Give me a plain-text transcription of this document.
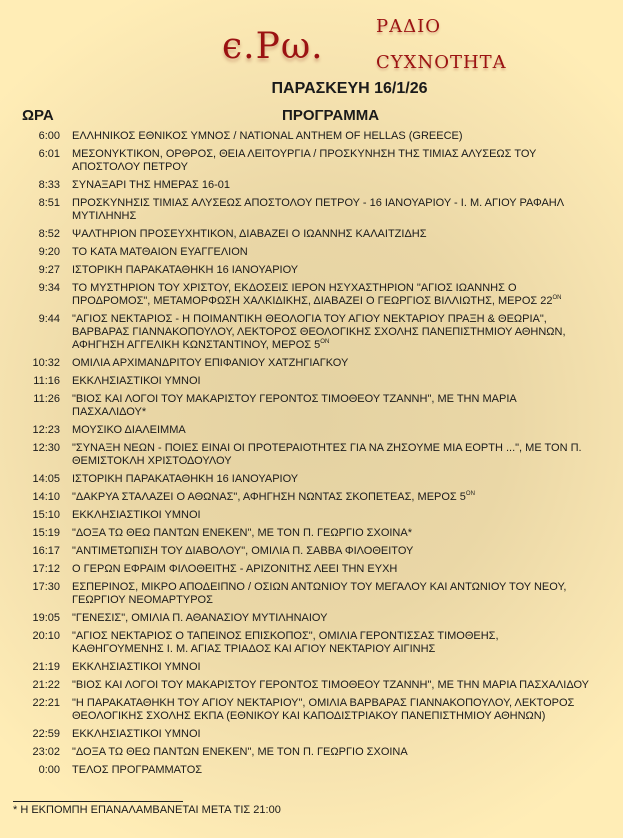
є.Ρω.	ΡΑΔΙΟ
ϹΥΧΝΟΤΗΤΑ
ΠΑΡΑΣΚΕΥΗ 16/1/26
ΩΡΑ	ΠΡΟΓΡΑΜΜΑ
6:00 ΕΛΛΗΝΙΚΟΣ ΕΘΝΙΚΟΣ ΥΜΝΟΣ / NATIONAL ANTHEM OF HELLAS (GREECE)
6:01 ΜΕΣΟΝΥΚΤΙΚΟΝ, ΟΡΘΡΟΣ, ΘΕΙΑ ΛΕΙΤΟΥΡΓΙΑ / ΠΡΟΣΚΥΝΗΣΗ ΤΗΣ ΤΙΜΙΑΣ ΑΛΥΣΕΩΣ ΤΟΥ ΑΠΟΣΤΟΛΟΥ ΠΕΤΡΟΥ
8:33 ΣΥΝΑΞΑΡΙ ΤΗΣ ΗΜΕΡΑΣ 16-01
8:51 ΠΡΟΣΚΥΝΗΣΙΣ ΤΙΜΙΑΣ ΑΛΥΣΕΩΣ ΑΠΟΣΤΟΛΟΥ ΠΕΤΡΟΥ - 16 ΙΑΝΟΥΑΡΙΟΥ - Ι. Μ. ΑΓΙΟΥ ΡΑΦΑΗΛ ΜΥΤΙΛΗΝΗΣ
8:52 ΨΑΛΤΗΡΙΟΝ ΠΡΟΣΕΥΧΗΤΙΚΟΝ, ΔΙΑΒΑΖΕΙ Ο ΙΩΑΝΝΗΣ ΚΑΛΑΙΤΖΙΔΗΣ
9:20 ΤΟ ΚΑΤΑ ΜΑΤΘΑΙΟΝ ΕΥΑΓΓΕΛΙΟΝ
9:27 ΙΣΤΟΡΙΚΗ ΠΑΡΑΚΑΤΑΘΗΚΗ 16 ΙΑΝΟΥΑΡΙΟΥ
9:34 ΤΟ ΜΥΣΤΗΡΙΟΝ ΤΟΥ ΧΡΙΣΤΟΥ, ΕΚΔΟΣΕΙΣ ΙΕΡΟΝ ΗΣΥΧΑΣΤΗΡΙΟΝ "ΑΓΙΟΣ ΙΩΑΝΝΗΣ Ο ΠΡΟΔΡΟΜΟΣ", ΜΕΤΑΜΟΡΦΩΣΗ ΧΑΛΚΙΔΙΚΗΣ, ΔΙΑΒΑΖΕΙ Ο ΓΕΩΡΓΙΟΣ ΒΙΛΛΙΩΤΗΣ, ΜΕΡΟΣ $22^{ON}$
9:44 "ΑΓΙΟΣ ΝΕΚΤΑΡΙΟΣ - Η ΠΟΙΜΑΝΤΙΚΗ ΘΕΟΛΟΓΙΑ ΤΟΥ ΑΓΙΟΥ ΝΕΚΤΑΡΙΟΥ ΠΡΑΞΗ & ΘΕΩΡΙΑ", ΒΑΡΒΑΡΑΣ ΓΙΑΝΝΑΚΟΠΟΥΛΟΥ, ΛΕΚΤΟΡΟΣ ΘΕΟΛΟΓΙΚΗΣ ΣΧΟΛΗΣ ΠΑΝΕΠΙΣΤΗΜΙΟΥ ΑΘΗΝΩΝ, ΑΦΗΓΗΣΗ ΑΓΓΕΛΙΚΗ ΚΩΝΣΤΑΝΤΙΝΟΥ, ΜΕΡΟΣ $5^{ON}$
10:32 ΟΜΙΛΙΑ ΑΡΧΙΜΑΝΔΡΙΤΟΥ ΕΠΙΦΑΝΙΟΥ ΧΑΤΖΗΓΙΑΓΚΟΥ
11:16 ΕΚΚΛΗΣΙΑΣΤΙΚΟΙ ΥΜΝΟΙ
11:26 "ΒΙΟΣ ΚΑΙ ΛΟΓΟΙ ΤΟΥ ΜΑΚΑΡΙΣΤΟΥ ΓΕΡΟΝΤΟΣ ΤΙΜΟΘΕΟΥ ΤΖΑΝΝΗ", ΜΕ ΤΗΝ ΜΑΡΙΑ ΠΑΣΧΑΛΙΔΟΥ*
12:23 ΜΟΥΣΙΚΟ ΔΙΑΛΕΙΜΜΑ
12:30 "ΣΥΝΑΞΗ ΝΕΩΝ - ΠΟΙΕΣ ΕΙΝΑΙ ΟΙ ΠΡΟΤΕΡΑΙΟΤΗΤΕΣ ΓΙΑ ΝΑ ΖΗΣΟΥΜΕ ΜΙΑ ΕΟΡΤΗ ...", ΜΕ ΤΟΝ Π. ΘΕΜΙΣΤΟΚΛΗ ΧΡΙΣΤΟΔΟΥΛΟΥ
14:05 ΙΣΤΟΡΙΚΗ ΠΑΡΑΚΑΤΑΘΗΚΗ 16 ΙΑΝΟΥΑΡΙΟΥ
14:10 "ΔΑΚΡΥΑ ΣΤΑΛΑΖΕΙ Ο ΑΘΩΝΑΣ", ΑΦΗΓΗΣΗ ΝΩΝΤΑΣ ΣΚΟΠΕΤΕΑΣ, ΜΕΡΟΣ $5^{ON}$
15:10 ΕΚΚΛΗΣΙΑΣΤΙΚΟΙ ΥΜΝΟΙ
15:19 "ΔΟΞΑ ΤΩ ΘΕΩ ΠΑΝΤΩΝ ΕΝΕΚΕΝ", ΜΕ ΤΟΝ Π. ΓΕΩΡΓΙΟ ΣΧΟΙΝΑ*
16:17 "ΑΝΤΙΜΕΤΩΠΙΣΗ ΤΟΥ ΔΙΑΒΟΛΟΥ", ΟΜΙΛΙΑ Π. ΣΑΒΒΑ ΦΙΛΟΘΕΙΤΟΥ
17:12 Ο ΓΕΡΩΝ ΕΦΡΑΙΜ ΦΙΛΟΘΕΙΤΗΣ - ΑΡΙΖΟΝΙΤΗΣ ΛΕΕΙ ΤΗΝ ΕΥΧΗ
17:30 ΕΣΠΕΡΙΝΟΣ, ΜΙΚΡΟ ΑΠΟΔΕΙΠΝΟ / ΟΣΙΩΝ ΑΝΤΩΝΙΟΥ ΤΟΥ ΜΕΓΑΛΟΥ ΚΑΙ ΑΝΤΩΝΙΟΥ ΤΟΥ ΝΕΟΥ, ΓΕΩΡΓΙΟΥ ΝΕΟΜΑΡΤΥΡΟΣ
19:05 "ΓΕΝΕΣΙΣ", ΟΜΙΛΙΑ Π. ΑΘΑΝΑΣΙΟΥ ΜΥΤΙΛΗΝΑΙΟΥ
20:10 "ΑΓΙΟΣ ΝΕΚΤΑΡΙΟΣ Ο ΤΑΠΕΙΝΟΣ ΕΠΙΣΚΟΠΟΣ", ΟΜΙΛΙΑ ΓΕΡΟΝΤΙΣΣΑΣ ΤΙΜΟΘΕΗΣ, ΚΑΘΗΓΟΥΜΕΝΗΣ Ι. Μ. ΑΓΙΑΣ ΤΡΙΑΔΟΣ ΚΑΙ ΑΓΙΟΥ ΝΕΚΤΑΡΙΟΥ ΑΙΓΙΝΗΣ
21:19 ΕΚΚΛΗΣΙΑΣΤΙΚΟΙ ΥΜΝΟΙ
21:22 "ΒΙΟΣ ΚΑΙ ΛΟΓΟΙ ΤΟΥ ΜΑΚΑΡΙΣΤΟΥ ΓΕΡΟΝΤΟΣ ΤΙΜΟΘΕΟΥ ΤΖΑΝΝΗ", ΜΕ ΤΗΝ ΜΑΡΙΑ ΠΑΣΧΑΛΙΔΟΥ
22:21 "Η ΠΑΡΑΚΑΤΑΘΗΚΗ ΤΟΥ ΑΓΙΟΥ ΝΕΚΤΑΡΙΟΥ", ΟΜΙΛΙΑ ΒΑΡΒΑΡΑΣ ΓΙΑΝΝΑΚΟΠΟΥΛΟΥ, ΛΕΚΤΟΡΟΣ ΘΕΟΛΟΓΙΚΗΣ ΣΧΟΛΗΣ ΕΚΠΑ (ΕΘΝΙΚΟΥ ΚΑΙ ΚΑΠΟΔΙΣΤΡΙΑΚΟΥ ΠΑΝΕΠΙΣΤΗΜΙΟΥ ΑΘΗΝΩΝ)
22:59 ΕΚΚΛΗΣΙΑΣΤΙΚΟΙ ΥΜΝΟΙ
23:02 "ΔΟΞΑ ΤΩ ΘΕΩ ΠΑΝΤΩΝ ΕΝΕΚΕΝ", ΜΕ ΤΟΝ Π. ΓΕΩΡΓΙΟ ΣΧΟΙΝΑ
0:00 ΤΕΛΟΣ ΠΡΟΓΡΑΜΜΑΤΟΣ
* Η ΕΚΠΟΜΠΗ ΕΠΑΝΑΛΑΜΒΑΝΕΤΑΙ ΜΕΤΑ ΤΙΣ 21:00
